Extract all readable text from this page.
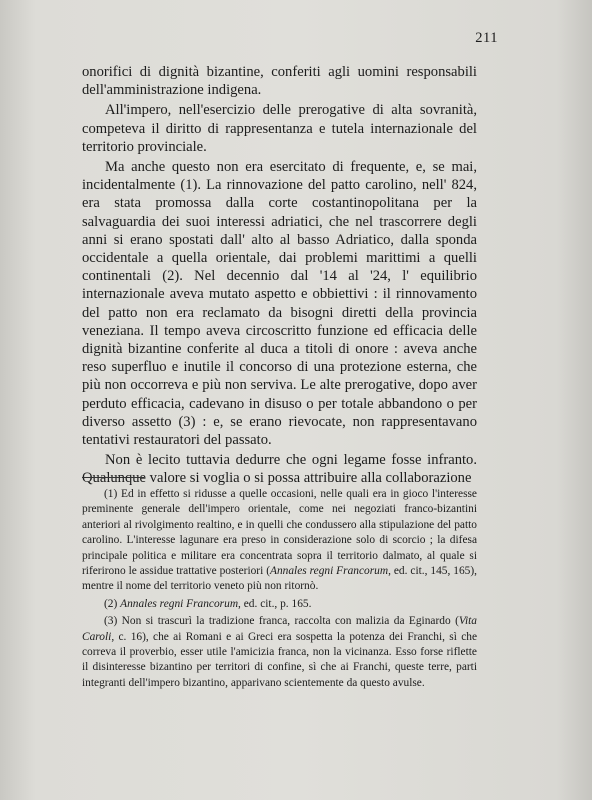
211

onorifici di dignità bizantine, conferiti agli uomini responsabili dell'amministrazione indigena.

All'impero, nell'esercizio delle prerogative di alta sovranità, competeva il diritto di rappresentanza e tutela internazionale del territorio provinciale.

Ma anche questo non era esercitato di frequente, e, se mai, incidentalmente (1). La rinnovazione del patto carolino, nell' 824, era stata promossa dalla corte costantinopolitana per la salvaguardia dei suoi interessi adriatici, che nel trascorrere degli anni si erano spostati dall' alto al basso Adriatico, dalla sponda occidentale a quella orientale, dai problemi marittimi a quelli continentali (2). Nel decennio dal '14 al '24, l' equilibrio internazionale aveva mutato aspetto e obbiettivi : il rinnovamento del patto non era reclamato da bisogni diretti della provincia veneziana. Il tempo aveva circoscritto funzione ed efficacia delle dignità bizantine conferite al duca a titoli di onore : aveva anche reso superfluo e inutile il concorso di una protezione esterna, che più non occorreva e più non serviva. Le alte prerogative, dopo aver perduto efficacia, cadevano in disuso o per totale abbandono o per diverso assetto (3) : e, se erano rievocate, non rappresentavano tentativi restauratori del passato.

Non è lecito tuttavia dedurre che ogni legame fosse infranto. Qualunque valore si voglia o si possa attribuire alla collaborazione

(1) Ed in effetto si ridusse a quelle occasioni, nelle quali era in gioco l'interesse preminente generale dell'impero orientale, come nei negoziati franco-bizantini anteriori al rivolgimento realtino, e in quelli che condussero alla stipulazione del patto carolino. L'interesse lagunare era preso in considerazione solo di scorcio ; la difesa principale politica e militare era concentrata sopra il territorio dalmato, al quale si riferirono le assidue trattative posteriori (Annales regni Francorum, ed. cit., 145, 165), mentre il nome del territorio veneto più non ritornò.

(2) Annales regni Francorum, ed. cit., p. 165.

(3) Non si trascurì la tradizione franca, raccolta con malizia da Eginardo (Vita Caroli, c. 16), che ai Romani e ai Greci era sospetta la potenza dei Franchi, sì che correva il proverbio, esser utile l'amicizia franca, non la vicinanza. Esso forse riflette il disinteresse bizantino per territori di confine, sì che ai Franchi, queste terre, parti integranti dell'impero bizantino, apparivano scientemente da questo avulse.
